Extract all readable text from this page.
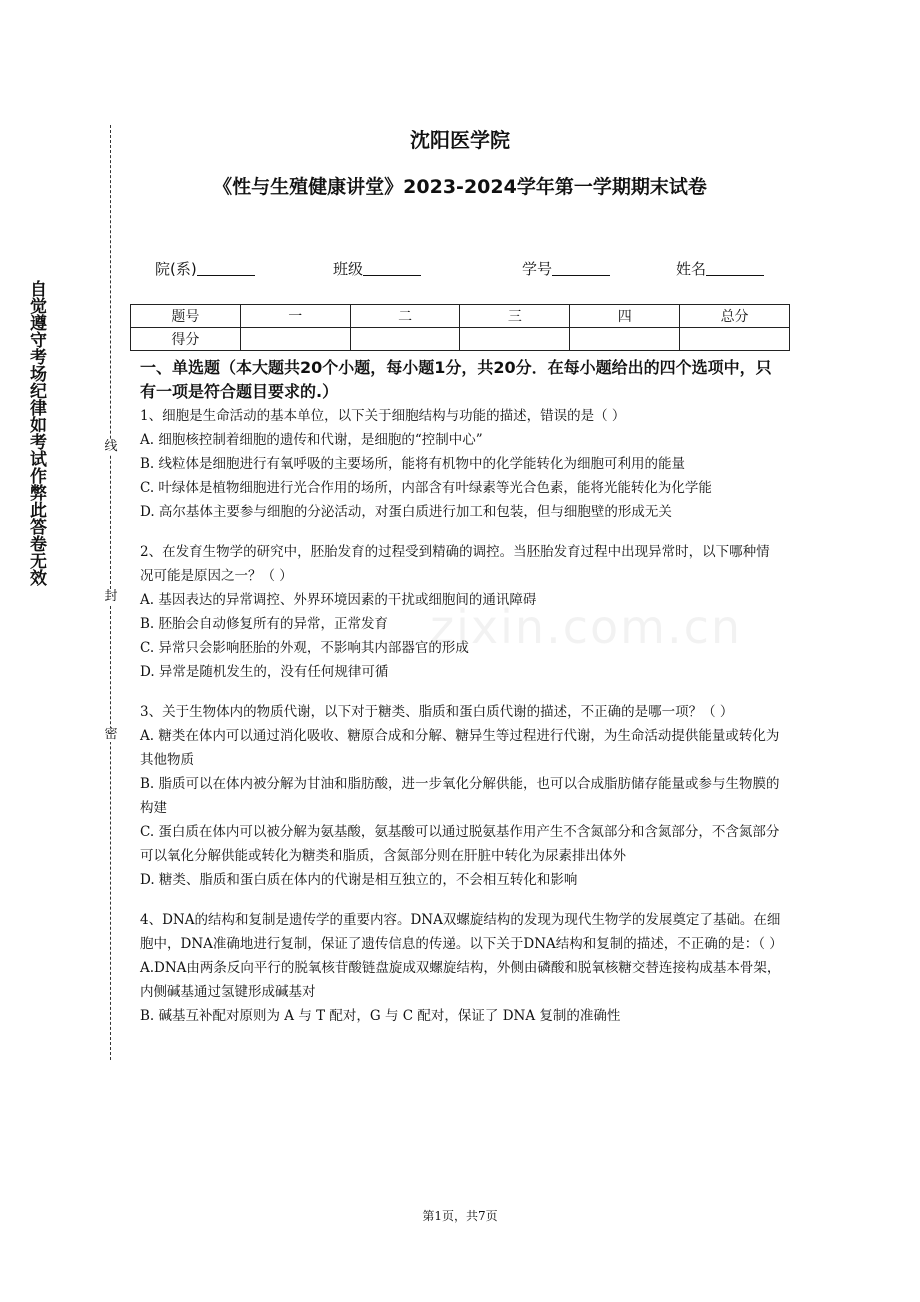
自觉遵守考场纪律如考试作弊此答卷无效	线
封
密
zixin.com.cn
沈阳医学院
《性与生殖健康讲堂》2023-2024学年第一学期期末试卷
院(系)	班级	学号	姓名
题号	一	二	三	四	总分
得分					

一、单选题（本大题共20个小题，每小题1分，共20分．在每小题给出的四个选项中，只有一项是符合题目要求的.）

1、细胞是生命活动的基本单位，以下关于细胞结构与功能的描述，错误的是（ ）

A. 细胞核控制着细胞的遗传和代谢，是细胞的“控制中心”

B. 线粒体是细胞进行有氧呼吸的主要场所，能将有机物中的化学能转化为细胞可利用的能量

C. 叶绿体是植物细胞进行光合作用的场所，内部含有叶绿素等光合色素，能将光能转化为化学能

D. 高尔基体主要参与细胞的分泌活动，对蛋白质进行加工和包装，但与细胞壁的形成无关

2、在发育生物学的研究中，胚胎发育的过程受到精确的调控。当胚胎发育过程中出现异常时，以下哪种情况可能是原因之一？（ ）

A. 基因表达的异常调控、外界环境因素的干扰或细胞间的通讯障碍

B. 胚胎会自动修复所有的异常，正常发育

C. 异常只会影响胚胎的外观，不影响其内部器官的形成

D. 异常是随机发生的，没有任何规律可循

3、关于生物体内的物质代谢，以下对于糖类、脂质和蛋白质代谢的描述，不正确的是哪一项？（ ）

A. 糖类在体内可以通过消化吸收、糖原合成和分解、糖异生等过程进行代谢，为生命活动提供能量或转化为其他物质

B. 脂质可以在体内被分解为甘油和脂肪酸，进一步氧化分解供能，也可以合成脂肪储存能量或参与生物膜的构建

C. 蛋白质在体内可以被分解为氨基酸，氨基酸可以通过脱氨基作用产生不含氮部分和含氮部分，不含氮部分可以氧化分解供能或转化为糖类和脂质，含氮部分则在肝脏中转化为尿素排出体外

D. 糖类、脂质和蛋白质在体内的代谢是相互独立的，不会相互转化和影响

4、DNA的结构和复制是遗传学的重要内容。DNA双螺旋结构的发现为现代生物学的发展奠定了基础。在细胞中，DNA准确地进行复制，保证了遗传信息的传递。以下关于DNA结构和复制的描述，不正确的是：（ ）

A.DNA由两条反向平行的脱氧核苷酸链盘旋成双螺旋结构，外侧由磷酸和脱氧核糖交替连接构成基本骨架，内侧碱基通过氢键形成碱基对

B. 碱基互补配对原则为 A 与 T 配对，G 与 C 配对，保证了 DNA 复制的准确性

第1页，共7页
